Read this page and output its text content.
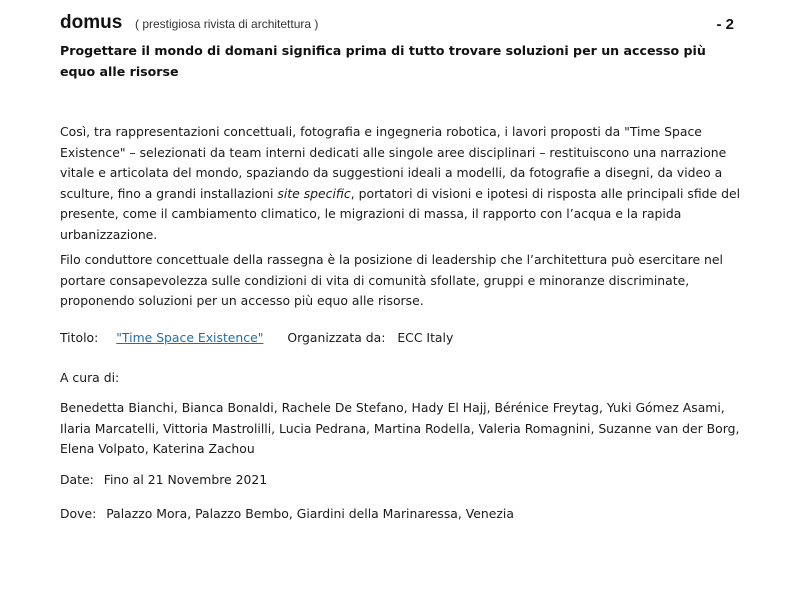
domus ( prestigiosa rivista di architettura )	- 2
Progettare il mondo di domani significa prima di tutto trovare soluzioni per un accesso più equo alle risorse
Così, tra rappresentazioni concettuali, fotografia e ingegneria robotica, i lavori proposti da "Time Space Existence" – selezionati da team interni dedicati alle singole aree disciplinari – restituiscono una narrazione vitale e articolata del mondo, spaziando da suggestioni ideali a modelli, da fotografie a disegni, da video a sculture, fino a grandi installazioni site specific, portatori di visioni e ipotesi di risposta alle principali sfide del presente, come il cambiamento climatico, le migrazioni di massa, il rapporto con l’acqua e la rapida urbanizzazione.
Filo conduttore concettuale della rassegna è la posizione di leadership che l’architettura può esercitare nel portare consapevolezza sulle condizioni di vita di comunità sfollate, gruppi e minoranze discriminate, proponendo soluzioni per un accesso più equo alle risorse.
Titolo: "Time Space Existence" Organizzata da: ECC Italy
A cura di:
Benedetta Bianchi, Bianca Bonaldi, Rachele De Stefano, Hady El Hajj, Bérénice Freytag, Yuki Gómez Asami, Ilaria Marcatelli, Vittoria Mastrolilli, Lucia Pedrana, Martina Rodella, Valeria Romagnini, Suzanne van der Borg, Elena Volpato, Katerina Zachou
Date: Fino al 21 Novembre 2021
Dove: Palazzo Mora, Palazzo Bembo, Giardini della Marinaressa, Venezia
